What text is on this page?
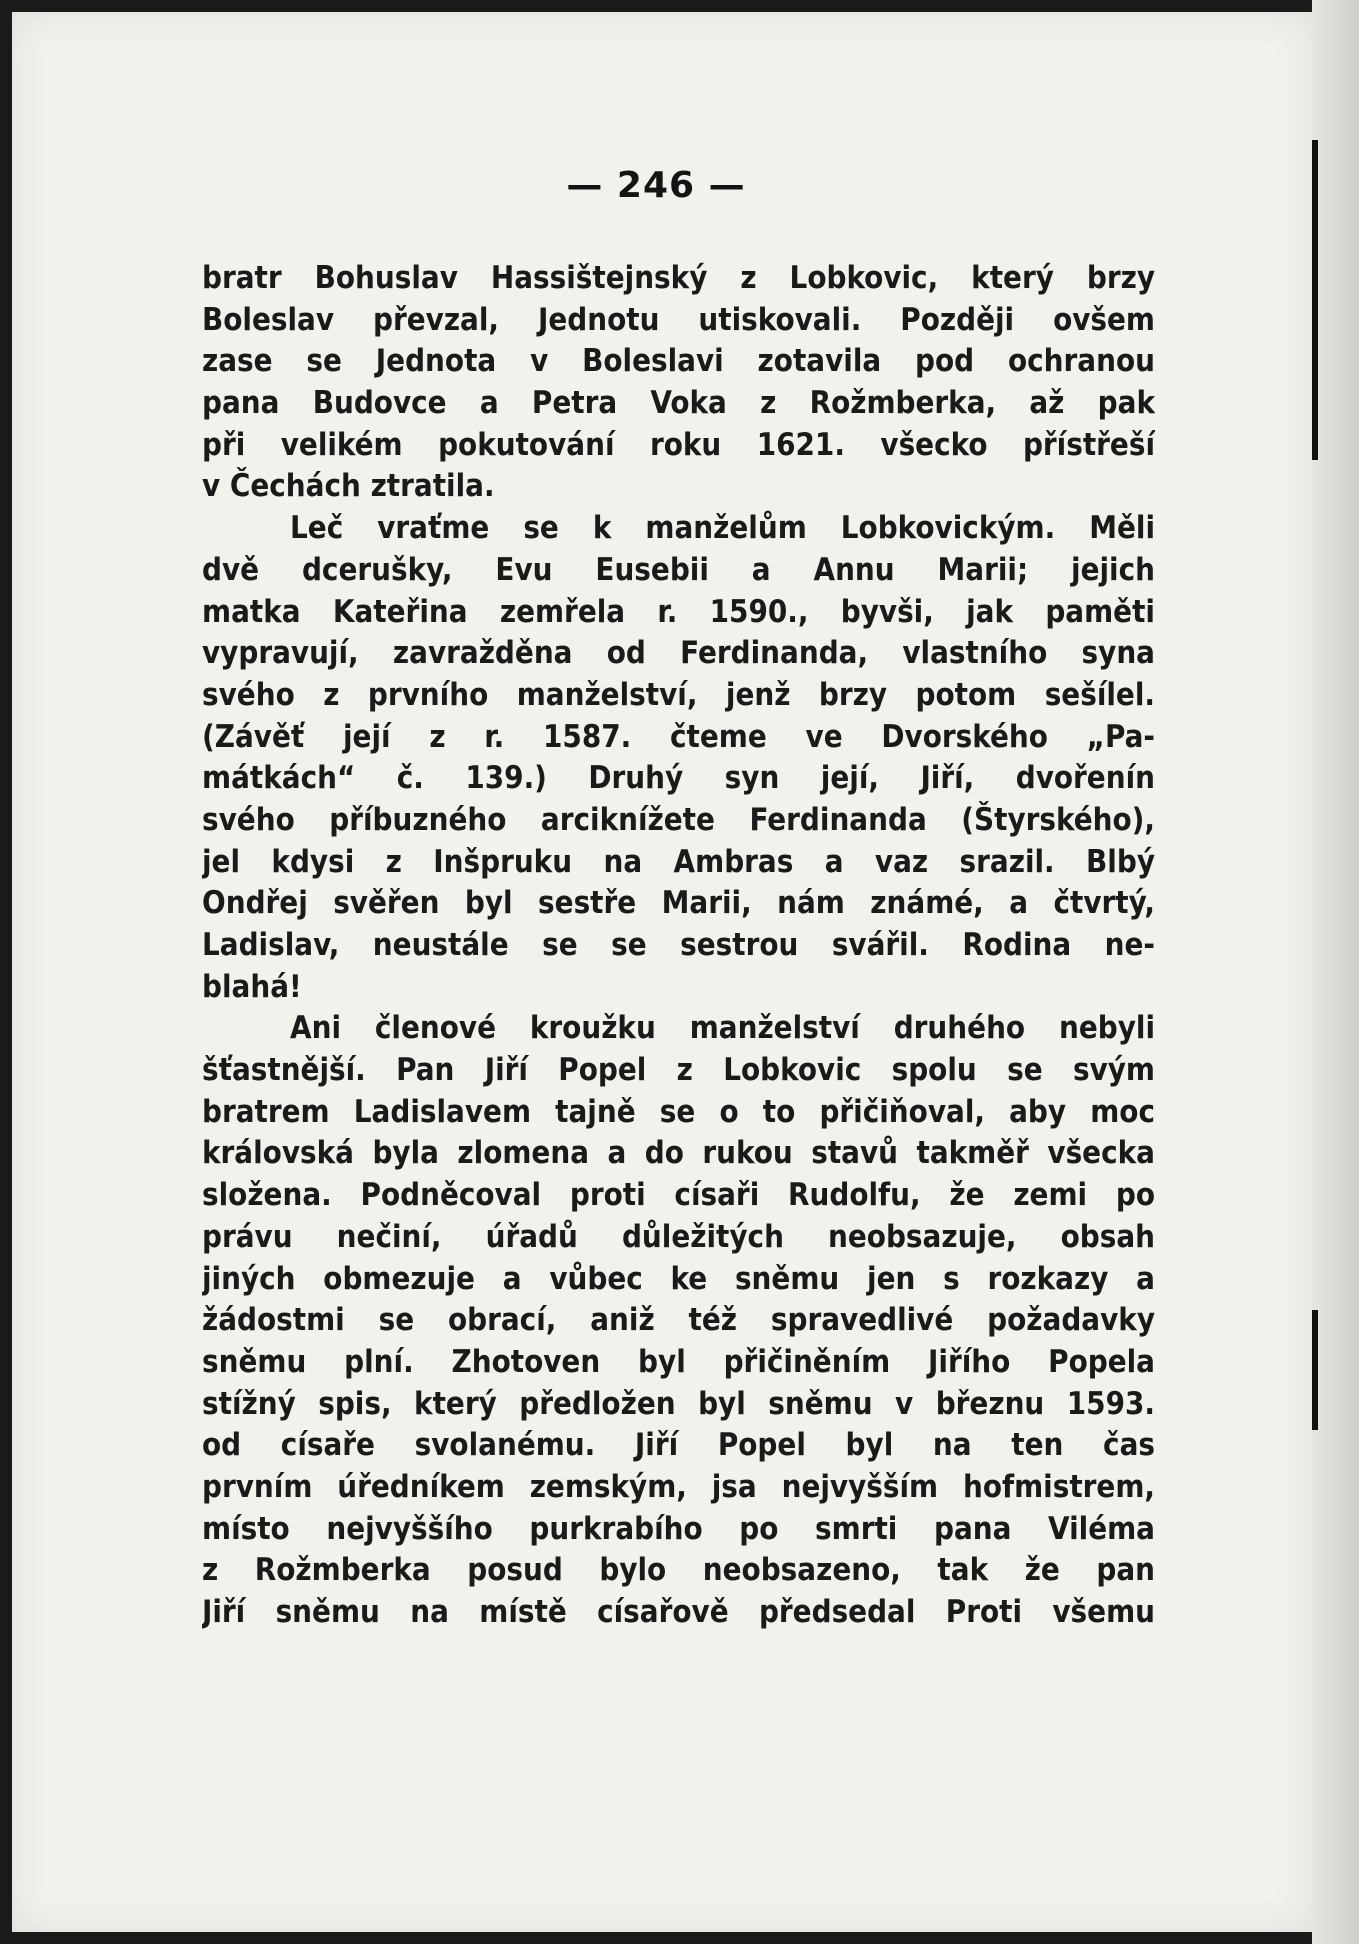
— 246 —
bratr Bohuslav Hassištejnský z Lobkovic, který brzy
Boleslav převzal, Jednotu utiskovali. Později ovšem
zase se Jednota v Boleslavi zotavila pod ochranou
pana Budovce a Petra Voka z Rožmberka, až pak
při velikém pokutování roku 1621. všecko přístřeší
v Čechách ztratila.
Leč vraťme se k manželům Lobkovickým. Měli
dvě dcerušky, Evu Eusebii a Annu Marii; jejich
matka Kateřina zemřela r. 1590., byvši, jak paměti
vypravují, zavražděna od Ferdinanda, vlastního syna
svého z prvního manželství, jenž brzy potom sešílel.
(Závěť její z r. 1587. čteme ve Dvorského „Pa-
mátkách“ č. 139.) Druhý syn její, Jiří, dvořenín
svého příbuzného arciknížete Ferdinanda (Štyrského),
jel kdysi z Inšpruku na Ambras a vaz srazil. Blbý
Ondřej svěřen byl sestře Marii, nám známé, a čtvrtý,
Ladislav, neustále se se sestrou svářil. Rodina ne-
blahá!
Ani členové kroužku manželství druhého nebyli
šťastnější. Pan Jiří Popel z Lobkovic spolu se svým
bratrem Ladislavem tajně se o to přičiňoval, aby moc
královská byla zlomena a do rukou stavů takměř všecka
složena. Podněcoval proti císaři Rudolfu, že zemi po
právu nečiní, úřadů důležitých neobsazuje, obsah
jiných obmezuje a vůbec ke sněmu jen s rozkazy a
žádostmi se obrací, aniž též spravedlivé požadavky
sněmu plní. Zhotoven byl přičiněním Jiřího Popela
stížný spis, který předložen byl sněmu v březnu 1593.
od císaře svolanému. Jiří Popel byl na ten čas
prvním úředníkem zemským, jsa nejvyšším hofmistrem,
místo nejvyššího purkrabího po smrti pana Viléma
z Rožmberka posud bylo neobsazeno, tak že pan
Jiří sněmu na místě císařově předsedal Proti všemu
